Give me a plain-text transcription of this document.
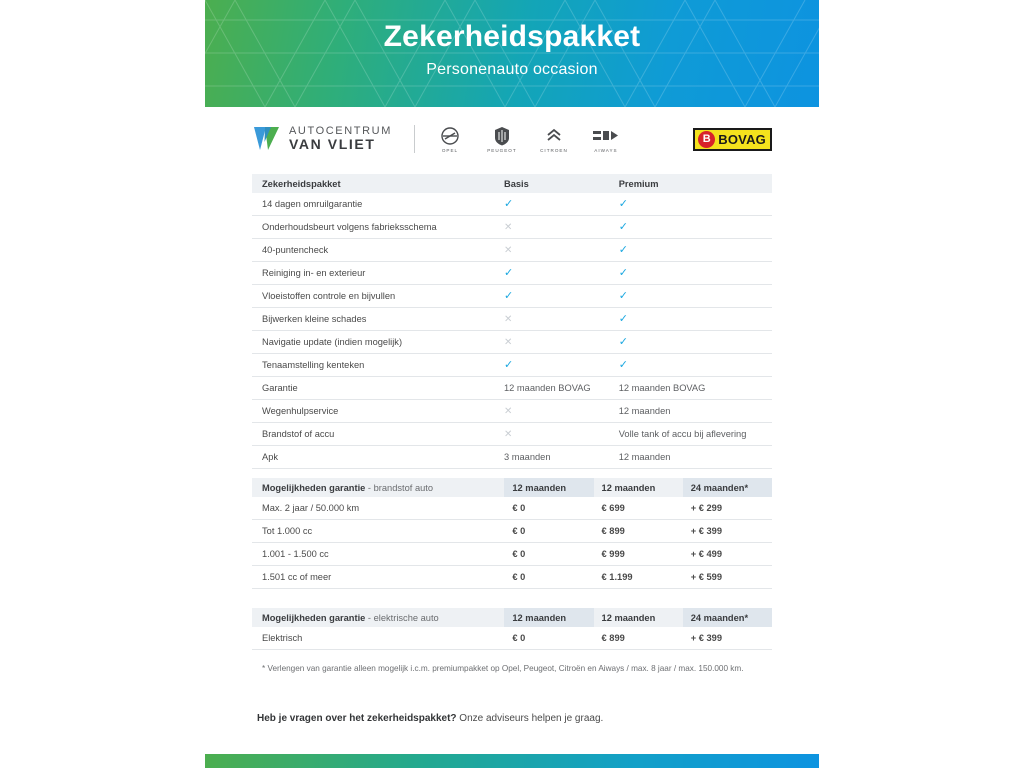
Zekerheidspakket
Personenauto occasion
AUTOCENTRUM
VAN VLIET	OPEL	PEUGEOT	CITROEN	AIWAYS
B BOVAG
Zekerheidspakket	Basis	Premium
14 dagen omruilgarantie	✓	✓
Onderhoudsbeurt volgens fabrieksschema	✕	✓
40-puntencheck	✕	✓
Reiniging in- en exterieur	✓	✓
Vloeistoffen controle en bijvullen	✓	✓
Bijwerken kleine schades	✕	✓
Navigatie update (indien mogelijk)	✕	✓
Tenaamstelling kenteken	✓	✓
Garantie	12 maanden BOVAG	12 maanden BOVAG
Wegenhulpservice	✕	12 maanden
Brandstof of accu	✕	Volle tank of accu bij aflevering
Apk	3 maanden	12 maanden
Mogelijkheden garantie - brandstof auto	12 maanden	12 maanden	24 maanden*
Max. 2 jaar / 50.000 km	€ 0	€ 699	+ € 299
Tot 1.000 cc	€ 0	€ 899	+ € 399
1.001 - 1.500 cc	€ 0	€ 999	+ € 499
1.501 cc of meer	€ 0	€ 1.199	+ € 599
Mogelijkheden garantie - elektrische auto	12 maanden	12 maanden	24 maanden*
Elektrisch	€ 0	€ 899	+ € 399
* Verlengen van garantie alleen mogelijk i.c.m. premiumpakket op Opel, Peugeot, Citroën en Aiways / max. 8 jaar / max. 150.000 km.
Heb je vragen over het zekerheidspakket? Onze adviseurs helpen je graag.
